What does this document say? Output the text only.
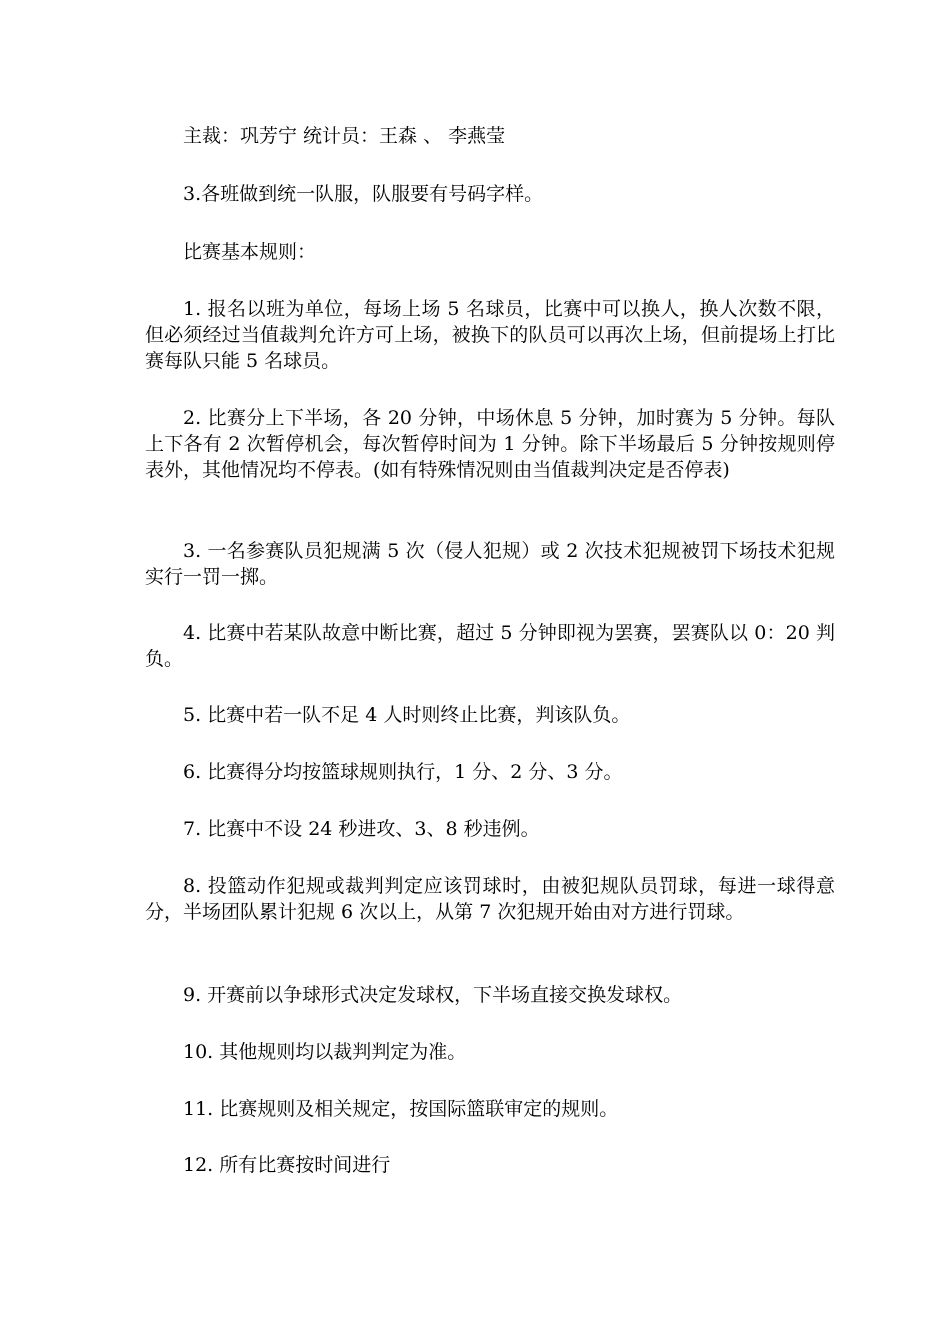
主裁：巩芳宁 统计员：王森 、 李燕莹

3.各班做到统一队服，队服要有号码字样。

比赛基本规则：

1. 报名以班为单位，每场上场 5 名球员，比赛中可以换人，换人次数不限，但必须经过当值裁判允许方可上场，被换下的队员可以再次上场，但前提场上打比赛每队只能 5 名球员。

2. 比赛分上下半场，各 20 分钟，中场休息 5 分钟，加时赛为 5 分钟。每队上下各有 2 次暂停机会，每次暂停时间为 1 分钟。除下半场最后 5 分钟按规则停表外，其他情况均不停表。(如有特殊情况则由当值裁判决定是否停表)

3. 一名参赛队员犯规满 5 次（侵人犯规）或 2 次技术犯规被罚下场技术犯规实行一罚一掷。

4. 比赛中若某队故意中断比赛，超过 5 分钟即视为罢赛，罢赛队以 0：20 判负。

5. 比赛中若一队不足 4 人时则终止比赛，判该队负。

6. 比赛得分均按篮球规则执行，1 分、2 分、3 分。

7. 比赛中不设 24 秒进攻、3、8 秒违例。

8. 投篮动作犯规或裁判判定应该罚球时，由被犯规队员罚球，每进一球得意分，半场团队累计犯规 6 次以上，从第 7 次犯规开始由对方进行罚球。

9. 开赛前以争球形式决定发球权，下半场直接交换发球权。

10. 其他规则均以裁判判定为准。

11. 比赛规则及相关规定，按国际篮联审定的规则。

12. 所有比赛按时间进行
